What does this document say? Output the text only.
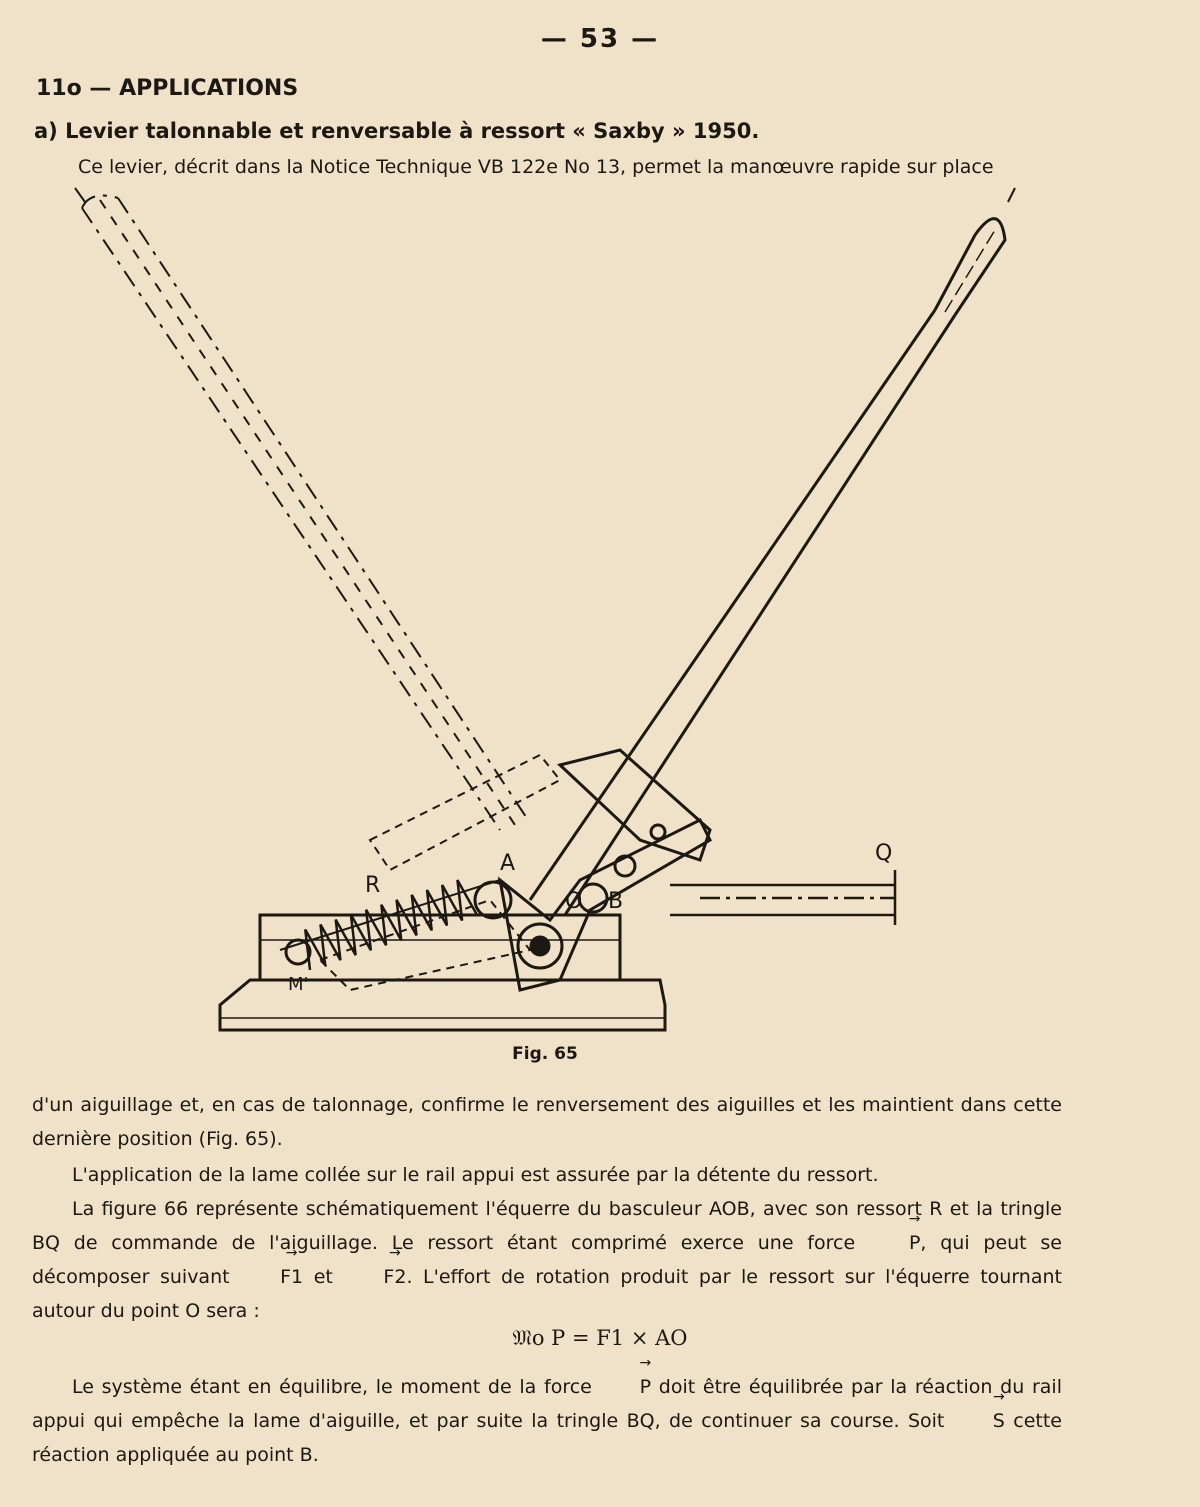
— 53 —
11o — APPLICATIONS
a) Levier talonnable et renversable à ressort « Saxby » 1950.
Ce levier, décrit dans la Notice Technique VB 122e No 13, permet la manœuvre rapide sur place
R
A
O B
Q
M'
Fig. 65
d'un aiguillage et, en cas de talonnage, confirme le renversement des aiguilles et les maintient dans cette dernière position (Fig. 65).
L'application de la lame collée sur le rail appui est assurée par la détente du ressort.
La figure 66 représente schématiquement l'équerre du basculeur AOB, avec son ressort R et la tringle BQ de commande de l'aiguillage. Le ressort étant comprimé exerce une force → P, qui peut se décomposer suivant → F1 et → F2. L'effort de rotation produit par le ressort sur l'équerre tournant autour du point O sera :
𝔐o P = F1 × AO
Le système étant en équilibre, le moment de la force → P doit être équilibrée par la réaction du rail appui qui empêche la lame d'aiguille, et par suite la tringle BQ, de continuer sa course. Soit → S cette réaction appliquée au point B.
